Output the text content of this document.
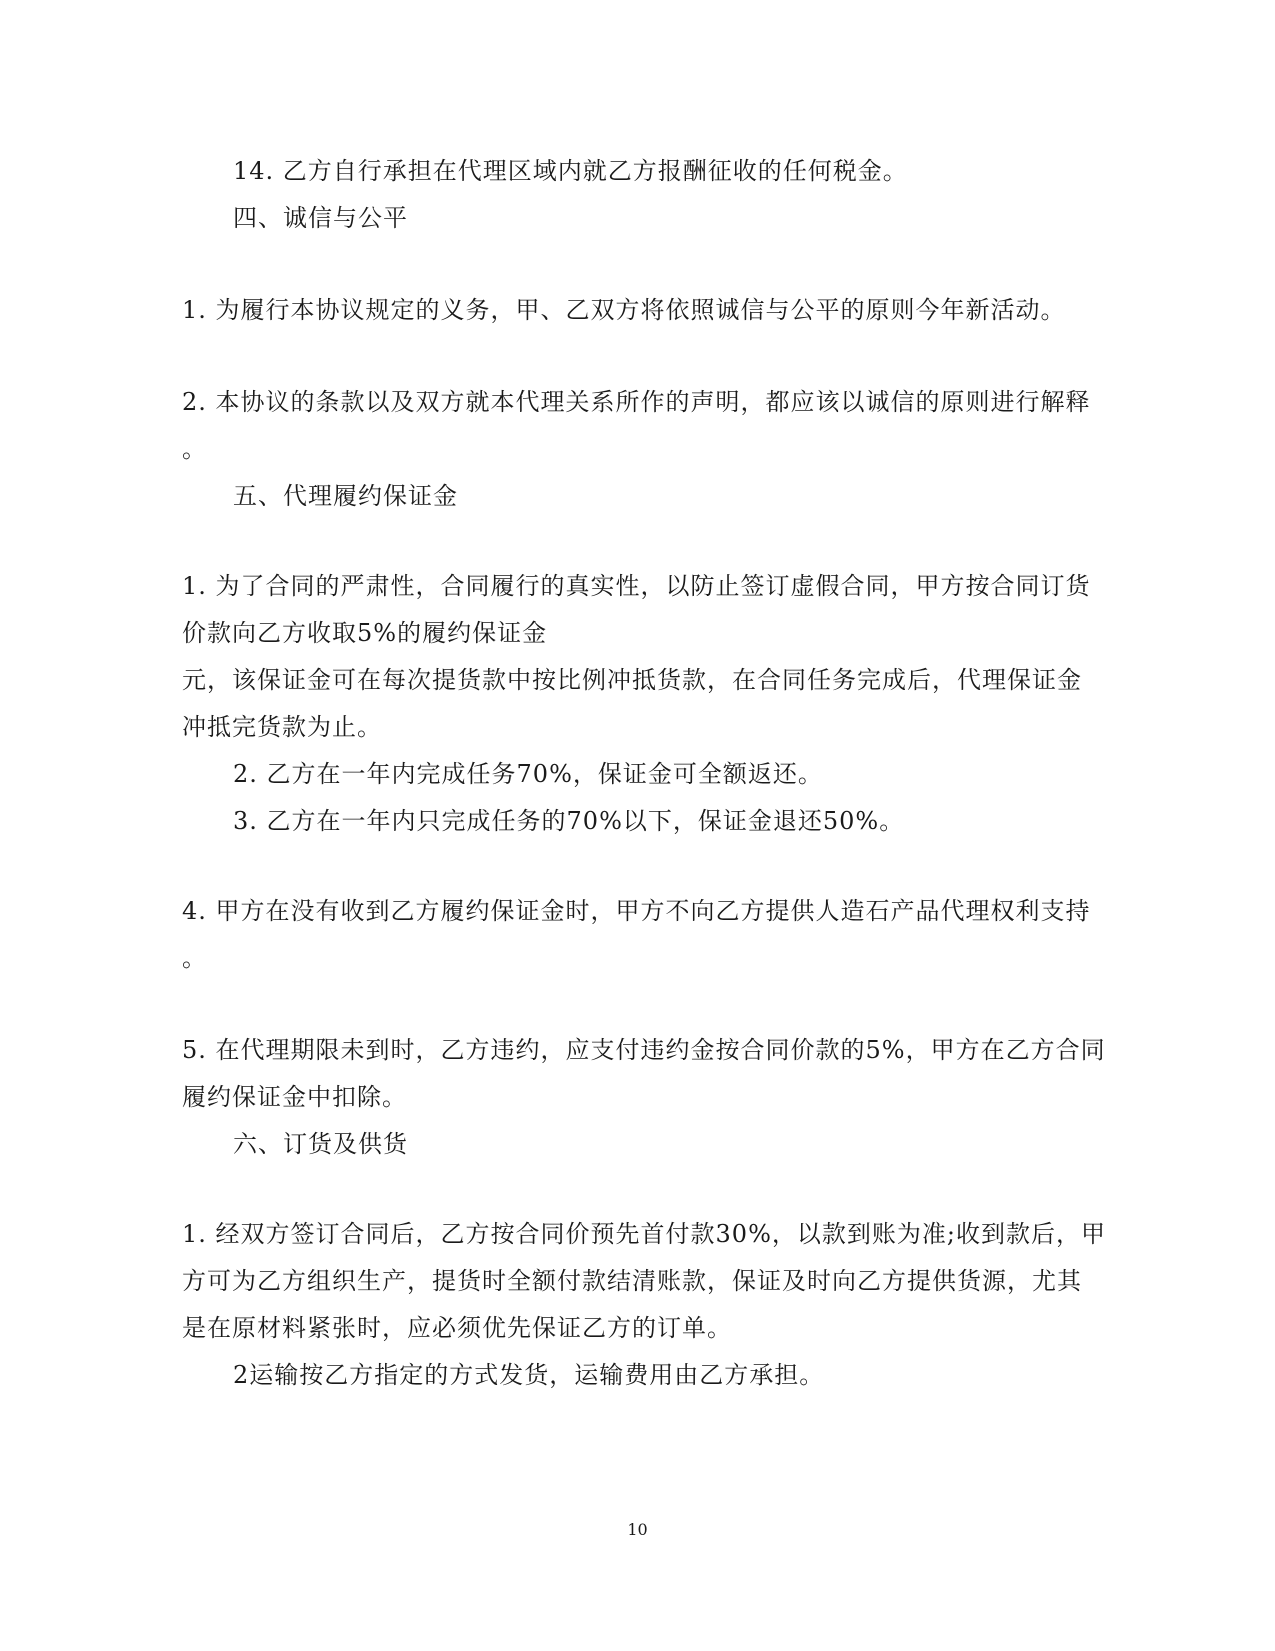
14. 乙方自行承担在代理区域内就乙方报酬征收的任何税金。
四、诚信与公平
1. 为履行本协议规定的义务，甲、乙双方将依照诚信与公平的原则今年新活动。
2. 本协议的条款以及双方就本代理关系所作的声明，都应该以诚信的原则进行解释
。
五、代理履约保证金
1. 为了合同的严肃性，合同履行的真实性，以防止签订虚假合同，甲方按合同订货
价款向乙方收取5%的履约保证金
元，该保证金可在每次提货款中按比例冲抵货款，在合同任务完成后，代理保证金
冲抵完货款为止。
2. 乙方在一年内完成任务70%，保证金可全额返还。
3. 乙方在一年内只完成任务的70%以下，保证金退还50%。
4. 甲方在没有收到乙方履约保证金时，甲方不向乙方提供人造石产品代理权利支持
。
5. 在代理期限未到时，乙方违约，应支付违约金按合同价款的5%，甲方在乙方合同
履约保证金中扣除。
六、订货及供货
1. 经双方签订合同后，乙方按合同价预先首付款30%，以款到账为准;收到款后，甲
方可为乙方组织生产，提货时全额付款结清账款，保证及时向乙方提供货源，尤其
是在原材料紧张时，应必须优先保证乙方的订单。
2运输按乙方指定的方式发货，运输费用由乙方承担。
10
